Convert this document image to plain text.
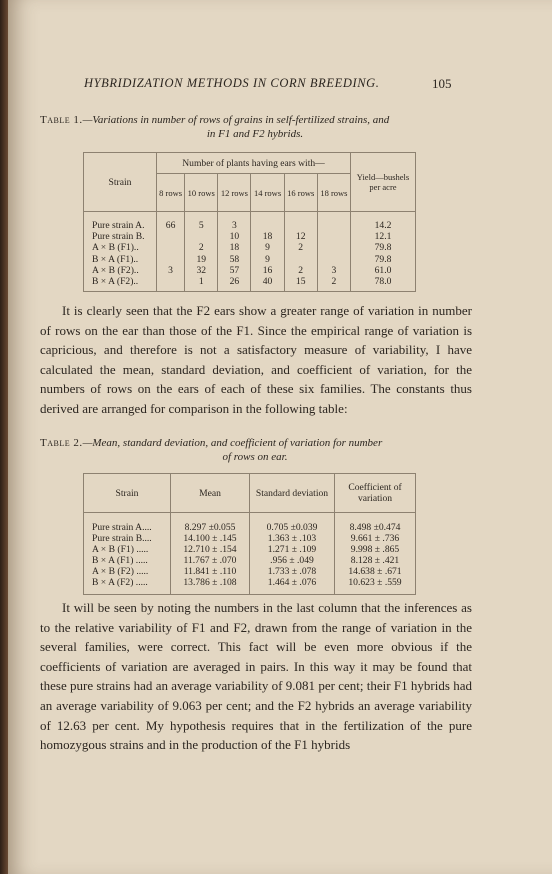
HYBRIDIZATION METHODS IN CORN BREEDING.	105
Table 1.—Variations in number of rows of grains in self-fertilized strains, and
in F1 and F2 hybrids.
Strain	Number of plants having ears with—						Yield—bushels per acre
	8 rows	10 rows	12 rows	14 rows	16 rows	18 rows	
Pure strain A.	66	5	3				14.2
Pure strain B.			10	18	12		12.1
A × B (F1)..		2	18	9	2		79.8
B × A (F1)..		19	58	9			79.8
A × B (F2)..	3	32	57	16	2	3	61.0
B × A (F2)..		1	26	40	15	2	78.0
It is clearly seen that the F2 ears show a greater range of variation in number of rows on the ear than those of the F1. Since the empirical range of variation is capricious, and therefore is not a satisfactory measure of variability, I have calculated the mean, standard deviation, and coefficient of variation, for the numbers of rows on the ears of each of these six families. The constants thus derived are arranged for comparison in the following table:
Table 2.—Mean, standard deviation, and coefficient of variation for number
of rows on ear.
Strain	Mean	Standard deviation	Coefficient of variation
Pure strain A....	8.297 ±0.055	0.705 ±0.039	8.498 ±0.474
Pure strain B....	14.100 ± .145	1.363 ± .103	9.661 ± .736
A × B (F1) .....	12.710 ± .154	1.271 ± .109	9.998 ± .865
B × A (F1) .....	11.767 ± .070	.956 ± .049	8.128 ± .421
A × B (F2) .....	11.841 ± .110	1.733 ± .078	14.638 ± .671
B × A (F2) .....	13.786 ± .108	1.464 ± .076	10.623 ± .559
It will be seen by noting the numbers in the last column that the inferences as to the relative variability of F1 and F2, drawn from the range of variation in the several families, were correct. This fact will be even more obvious if the coefficients of variation are averaged in pairs. In this way it may be found that these pure strains had an average variability of 9.081 per cent; their F1 hybrids had an average variability of 9.063 per cent; and the F2 hybrids an average variability of 12.63 per cent. My hypothesis requires that in the fertilization of the pure homozygous strains and in the production of the F1 hybrids
